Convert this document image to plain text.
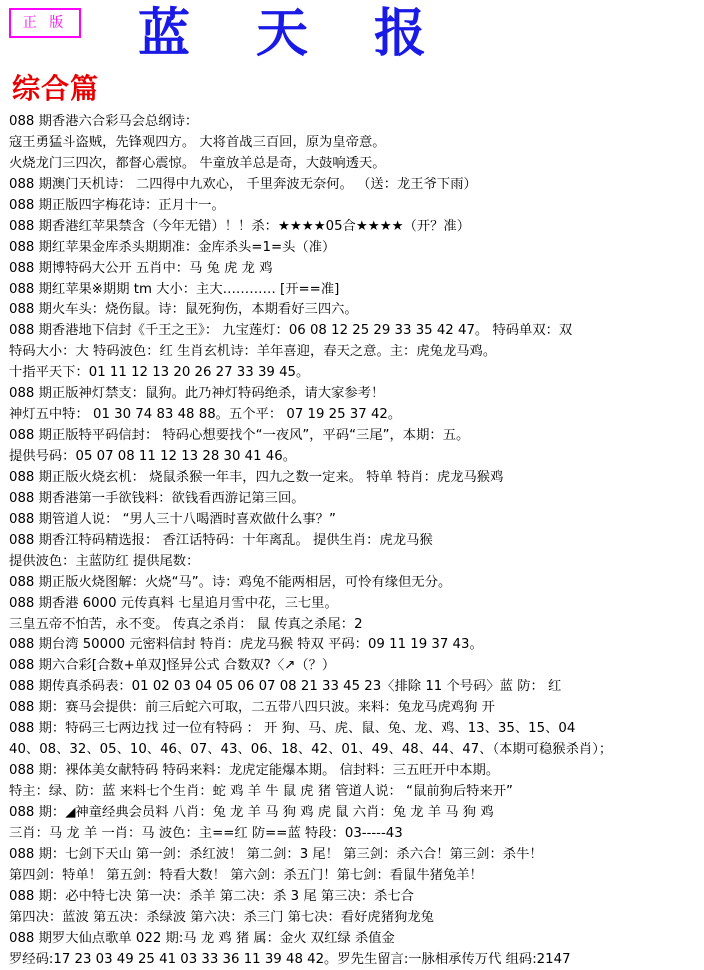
正 版 蓝天报
综合篇
088 期香港六合彩马会总纲诗：
寇王勇猛斗盗贼，先锋观四方。 大将首战三百回，原为皇帝意。
火烧龙门三四次，都督心震惊。 牛童放羊总是奇，大鼓响透天。
088 期澳门天机诗： 二四得中九欢心， 千里奔波无奈何。 （送：龙王爷下雨）
088 期正版四字梅花诗：正月十一。
088 期香港红苹果禁含（今年无错）！！杀：★★★★05合★★★★（开？准）
088 期红苹果金库杀头期期准：金库杀头=1=头（准）
088 期博特码大公开 五肖中：马 兔 虎 龙 鸡
088 期红苹果※期期 tm 大小：主大………… [开==准]
088 期火车头：烧伤鼠。诗：鼠死狗伤，本期看好三四六。
088 期香港地下信封《千王之王》： 九宝莲灯：06 08 12 25 29 33 35 42 47。 特码单双：双
特码大小：大 特码波色：红 生肖玄机诗：羊年喜迎，春天之意。主：虎兔龙马鸡。
十指平天下：01 11 12 13 20 26 27 33 39 45。
088 期正版神灯禁支：鼠狗。此乃神灯特码绝杀，请大家参考！
神灯五中特： 01 30 74 83 48 88。五个平： 07 19 25 37 42。
088 期正版特平码信封： 特码心想要找个“一夜风”，平码“三尾”，本期：五。
提供号码：05 07 08 11 12 13 28 30 41 46。
088 期正版火烧玄机： 烧鼠杀猴一年丰，四九之数一定来。 特单 特肖：虎龙马猴鸡
088 期香港第一手欲钱料：欲钱看西游记第三回。
088 期管道人说： “男人三十八喝酒时喜欢做什么事？”
088 期香江特码精选报： 香江话特码：十年离乱。 提供生肖：虎龙马猴
提供波色：主蓝防红 提供尾数：
088 期正版火烧图解：火烧“马”。诗：鸡兔不能两相居，可怜有缘但无分。
088 期香港 6000 元传真料 七星追月雪中花，三七里。
三皇五帝不怕苦，永不变。 传真之杀肖： 鼠 传真之杀尾：2
088 期台湾 50000 元密料信封 特肖：虎龙马猴 特双 平码：09 11 19 37 43。
088 期六合彩[合数+单双]怪异公式 合数双?〈↗（？）
088 期传真杀码表：01 02 03 04 05 06 07 08 21 33 45 23〈排除 11 个号码〉蓝 防： 红
088 期：赛马会提供：前三后蛇六可取，二五带八四只波。来料：兔龙马虎鸡狗 开
088 期：特码三七两边找 过一位有特码 ： 开 狗、马、虎、鼠、兔、龙、鸡、13、35、15、04
40、08、32、05、10、46、07、43、06、18、42、01、49、48、44、47、（本期可稳猴杀肖）；
088 期：裸体美女献特码 特码来料：龙虎定能爆本期。 信封料：三五旺开中本期。
特主：绿、防：蓝 来料七个生肖：蛇 鸡 羊 牛 鼠 虎 猪 管道人说： “鼠前狗后特来开”
088 期：◢神童经典会员料 八肖：兔 龙 羊 马 狗 鸡 虎 鼠 六肖：兔 龙 羊 马 狗 鸡
三肖：马 龙 羊 一肖：马 波色：主==红 防==蓝 特段：03-----43
088 期：七剑下天山 第一剑：杀红波！ 第二剑：3 尾！ 第三剑：杀六合！第三剑：杀牛！
第四剑：特单！ 第五剑：特看大数！ 第六剑：杀五门！第七剑：看鼠牛猪兔羊！
088 期：必中特七决 第一决：杀羊 第二决：杀 3 尾 第三决：杀七合
第四决：蓝波 第五决：杀绿波 第六决：杀三门 第七决：看好虎猪狗龙兔
088 期罗大仙点歌单 022 期:马 龙 鸡 猪 属：金火 双红绿 杀值金
罗经码:17 23 03 49 25 41 03 33 36 11 39 48 42。罗先生留言:一脉相承传万代 组码:2147
